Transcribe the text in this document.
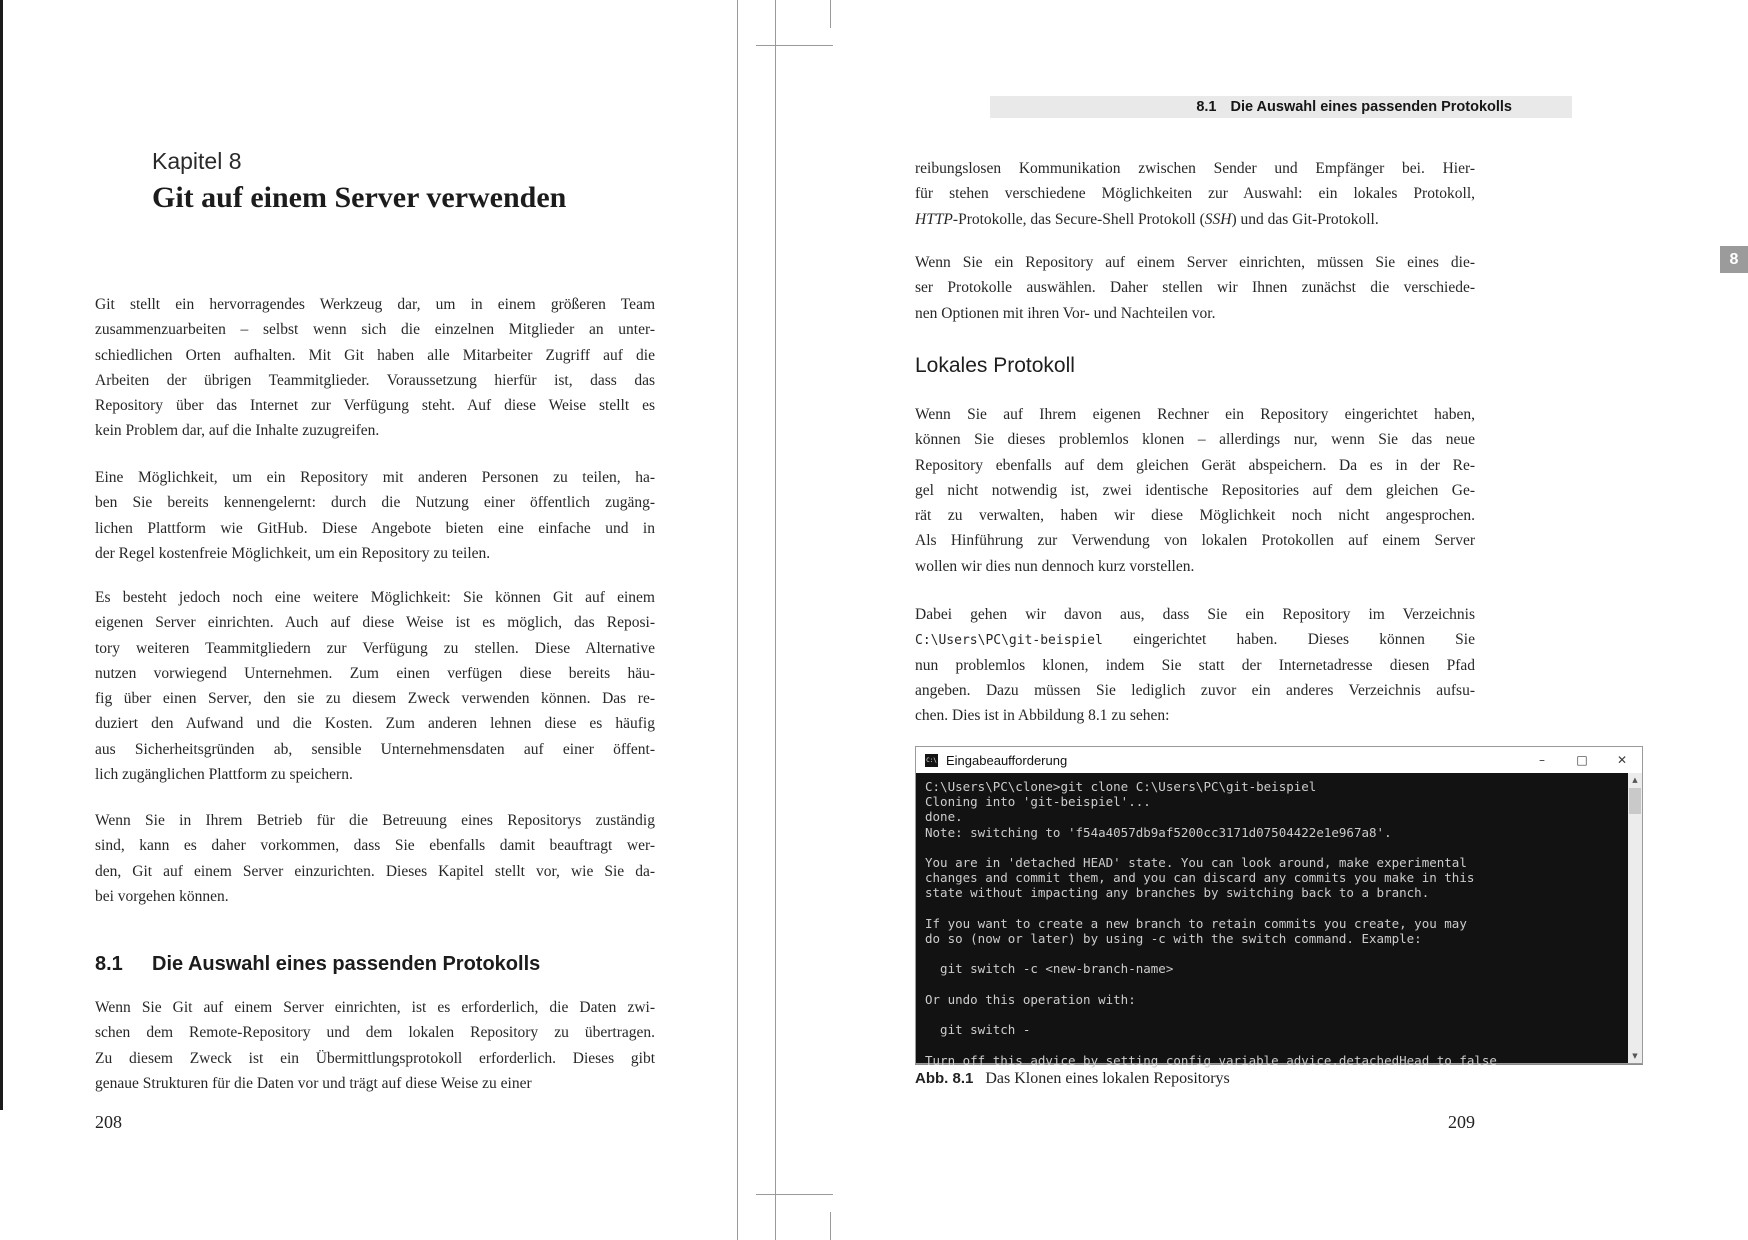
Kapitel 8
Git auf einem Server verwenden
Git stellt ein hervorragendes Werkzeug dar, um in einem größeren Team
zusammenzuarbeiten – selbst wenn sich die einzelnen Mitglieder an unter-
schiedlichen Orten aufhalten. Mit Git haben alle Mitarbeiter Zugriff auf die
Arbeiten der übrigen Teammitglieder. Voraussetzung hierfür ist, dass das
Repository über das Internet zur Verfügung steht. Auf diese Weise stellt es
kein Problem dar, auf die Inhalte zuzugreifen.
Eine Möglichkeit, um ein Repository mit anderen Personen zu teilen, ha-
ben Sie bereits kennengelernt: durch die Nutzung einer öffentlich zugäng-
lichen Plattform wie GitHub. Diese Angebote bieten eine einfache und in
der Regel kostenfreie Möglichkeit, um ein Repository zu teilen.
Es besteht jedoch noch eine weitere Möglichkeit: Sie können Git auf einem
eigenen Server einrichten. Auch auf diese Weise ist es möglich, das Reposi-
tory weiteren Teammitgliedern zur Verfügung zu stellen. Diese Alternative
nutzen vorwiegend Unternehmen. Zum einen verfügen diese bereits häu-
fig über einen Server, den sie zu diesem Zweck verwenden können. Das re-
duziert den Aufwand und die Kosten. Zum anderen lehnen diese es häufig
aus Sicherheitsgründen ab, sensible Unternehmensdaten auf einer öffent-
lich zugänglichen Plattform zu speichern.
Wenn Sie in Ihrem Betrieb für die Betreuung eines Repositorys zuständig
sind, kann es daher vorkommen, dass Sie ebenfalls damit beauftragt wer-
den, Git auf einem Server einzurichten. Dieses Kapitel stellt vor, wie Sie da-
bei vorgehen können.
8.1 Die Auswahl eines passenden Protokolls
Wenn Sie Git auf einem Server einrichten, ist es erforderlich, die Daten zwi-
schen dem Remote-Repository und dem lokalen Repository zu übertragen.
Zu diesem Zweck ist ein Übermittlungsprotokoll erforderlich. Dieses gibt
genaue Strukturen für die Daten vor und trägt auf diese Weise zu einer
208
8.1 Die Auswahl eines passenden Protokolls
8
reibungslosen Kommunikation zwischen Sender und Empfänger bei. Hier-
für stehen verschiedene Möglichkeiten zur Auswahl: ein lokales Protokoll,
HTTP-Protokolle, das Secure-Shell Protokoll (SSH) und das Git-Protokoll.
Wenn Sie ein Repository auf einem Server einrichten, müssen Sie eines die-
ser Protokolle auswählen. Daher stellen wir Ihnen zunächst die verschiede-
nen Optionen mit ihren Vor- und Nachteilen vor.
Lokales Protokoll
Wenn Sie auf Ihrem eigenen Rechner ein Repository eingerichtet haben,
können Sie dieses problemlos klonen – allerdings nur, wenn Sie das neue
Repository ebenfalls auf dem gleichen Gerät abspeichern. Da es in der Re-
gel nicht notwendig ist, zwei identische Repositories auf dem gleichen Ge-
rät zu verwalten, haben wir diese Möglichkeit noch nicht angesprochen.
Als Hinführung zur Verwendung von lokalen Protokollen auf einem Server
wollen wir dies nun dennoch kurz vorstellen.
Dabei gehen wir davon aus, dass Sie ein Repository im Verzeichnis
C:\Users\PC\git-beispiel eingerichtet haben. Dieses können Sie
nun problemlos klonen, indem Sie statt der Internetadresse diesen Pfad
angeben. Dazu müssen Sie lediglich zuvor ein anderes Verzeichnis aufsu-
chen. Dies ist in Abbildung 8.1 zu sehen:
C:\ Eingabeaufforderung	–	□	✕
▲
▼
C:\Users\PC\clone>git clone C:\Users\PC\git-beispiel
Cloning into 'git-beispiel'...
done.
Note: switching to 'f54a4057db9af5200cc3171d07504422e1e967a8'.

You are in 'detached HEAD' state. You can look around, make experimental
changes and commit them, and you can discard any commits you make in this
state without impacting any branches by switching back to a branch.

If you want to create a new branch to retain commits you create, you may
do so (now or later) by using -c with the switch command. Example:

git switch -c <new-branch-name>

Or undo this operation with:

git switch -

Turn off this advice by setting config variable advice.detachedHead to false
Abb. 8.1 Das Klonen eines lokalen Repositorys
209
